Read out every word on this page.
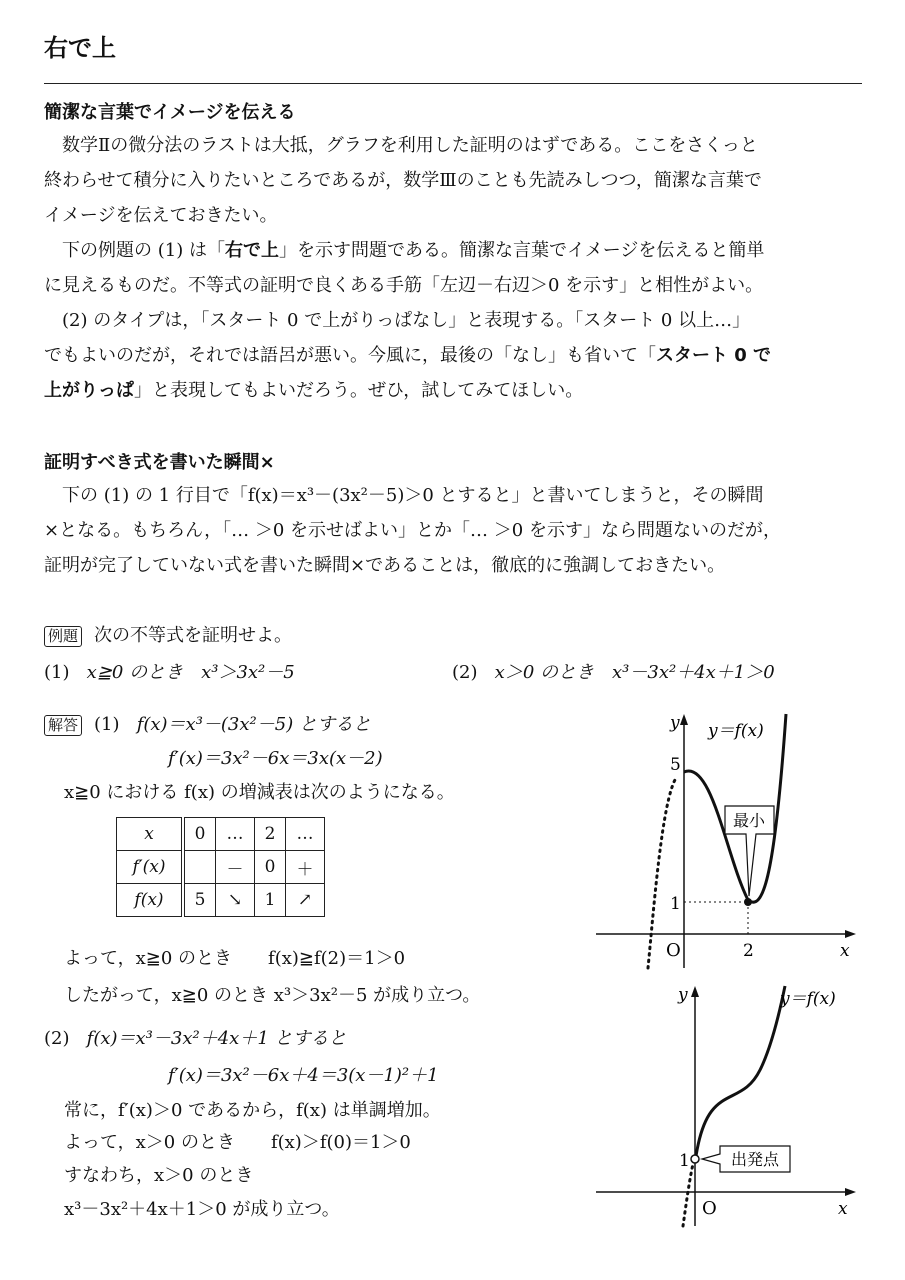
右で上
簡潔な言葉でイメージを伝える
　数学Ⅱの微分法のラストは大抵，グラフを利用した証明のはずである。ここをさくっと
終わらせて積分に入りたいところであるが，数学Ⅲのことも先読みしつつ，簡潔な言葉で
イメージを伝えておきたい。
　下の例題の (1) は「右で上」を示す問題である。簡潔な言葉でイメージを伝えると簡単
に見えるものだ。不等式の証明で良くある手筋「左辺－右辺＞0 を示す」と相性がよい。
　(2) のタイプは，「スタート 0 で上がりっぱなし」と表現する。「スタート 0 以上…」
でもよいのだが，それでは語呂が悪い。今風に，最後の「なし」も省いて「スタート 0 で
上がりっぱ」と表現してもよいだろう。ぜひ，試してみてほしい。
証明すべき式を書いた瞬間×
　下の (1) の 1 行目で「f(x)＝x³－(3x²－5)＞0 とすると」と書いてしまうと，その瞬間
×となる。もちろん，「… ＞0 を示せばよい」とか「… ＞0 を示す」なら問題ないのだが，
証明が完了していない式を書いた瞬間×であることは，徹底的に強調しておきたい。
例題 次の不等式を証明せよ。
(1) x≧0 のとき　x³＞3x²－5	(2) x＞0 のとき　x³－3x²＋4x＋1＞0
解答 (1) f(x)＝x³－(3x²－5) とすると
f′(x)＝3x²－6x＝3x(x－2)
x≧0 における f(x) の増減表は次のようになる。
x	0	…	2	…
f′(x)		－	0	＋
f(x)	5	↘	1	↗
よって，x≧0 のとき　　f(x)≧f(2)＝1＞0
したがって，x≧0 のとき x³＞3x²－5 が成り立つ。
(2) f(x)＝x³－3x²＋4x＋1 とすると
f′(x)＝3x²－6x＋4＝3(x－1)²＋1
常に，f′(x)＞0 であるから，f(x) は単調増加。
よって，x＞0 のとき　　f(x)＞f(0)＝1＞0
すなわち，x＞0 のとき
x³－3x²＋4x＋1＞0 が成り立つ。
最小
y y＝f(x)
5
1
O	2	x
出発点
y	y＝f(x)
1
O	x
